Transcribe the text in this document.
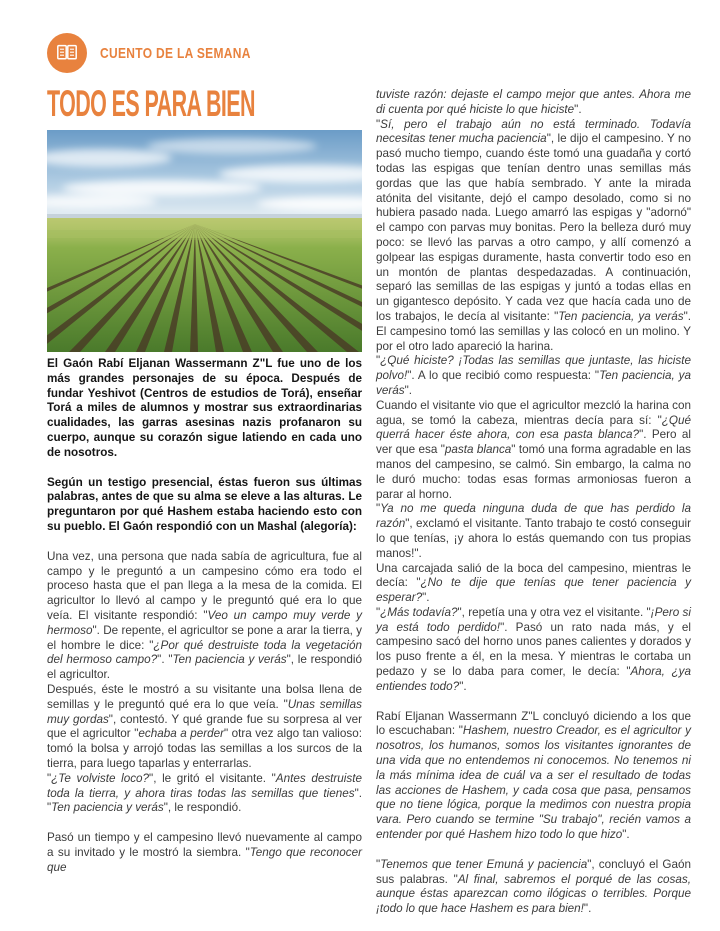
CUENTO DE LA SEMANA
TODO ES PARA BIEN

El Gaón Rabí Eljanan Wassermann Z"L fue uno de los más grandes personajes de su época. Después de fundar Yeshivot (Centros de estudios de Torá), enseñar Torá a miles de alumnos y mostrar sus extraordinarias cualidades, las garras asesinas nazis profanaron su cuerpo, aunque su corazón sigue latiendo en cada uno de nosotros.

Según un testigo presencial, éstas fueron sus últimas palabras, antes de que su alma se eleve a las alturas. Le preguntaron por qué Hashem estaba haciendo esto con su pueblo. El Gaón respondió con un Mashal (alegoría):

Una vez, una persona que nada sabía de agricultura, fue al campo y le preguntó a un campesino cómo era todo el proceso hasta que el pan llega a la mesa de la comida. El agricultor lo llevó al campo y le preguntó qué era lo que veía. El visitante respondió: "Veo un campo muy verde y hermoso". De repente, el agricultor se pone a arar la tierra, y el hombre le dice: "¿Por qué destruiste toda la vegetación del hermoso campo?". "Ten paciencia y verás", le respondió el agricultor.

Después, éste le mostró a su visitante una bolsa llena de semillas y le preguntó qué era lo que veía. "Unas semillas muy gordas", contestó. Y qué grande fue su sorpresa al ver que el agricultor "echaba a perder" otra vez algo tan valioso: tomó la bolsa y arrojó todas las semillas a los surcos de la tierra, para luego taparlas y enterrarlas.

"¿Te volviste loco?", le gritó el visitante. "Antes destruiste toda la tierra, y ahora tiras todas las semillas que tienes". "Ten paciencia y verás", le respondió.

Pasó un tiempo y el campesino llevó nuevamente al campo a su invitado y le mostró la siembra. "Tengo que reconocer que

tuviste razón: dejaste el campo mejor que antes. Ahora me di cuenta por qué hiciste lo que hiciste".

"Sí, pero el trabajo aún no está terminado. Todavía necesitas tener mucha paciencia", le dijo el campesino. Y no pasó mucho tiempo, cuando éste tomó una guadaña y cortó todas las espigas que tenían dentro unas semillas más gordas que las que había sembrado. Y ante la mirada atónita del visitante, dejó el campo desolado, como si no hubiera pasado nada. Luego amarró las espigas y "adornó" el campo con parvas muy bonitas. Pero la belleza duró muy poco: se llevó las parvas a otro campo, y allí comenzó a golpear las espigas duramente, hasta convertir todo eso en un montón de plantas despedazadas. A continuación, separó las semillas de las espigas y juntó a todas ellas en un gigantesco depósito. Y cada vez que hacía cada uno de los trabajos, le decía al visitante: "Ten paciencia, ya verás". El campesino tomó las semillas y las colocó en un molino. Y por el otro lado apareció la harina.

"¿Qué hiciste? ¡Todas las semillas que juntaste, las hiciste polvo!". A lo que recibió como respuesta: "Ten paciencia, ya verás".

Cuando el visitante vio que el agricultor mezcló la harina con agua, se tomó la cabeza, mientras decía para sí: "¿Qué querrá hacer éste ahora, con esa pasta blanca?". Pero al ver que esa "pasta blanca" tomó una forma agradable en las manos del campesino, se calmó. Sin embargo, la calma no le duró mucho: todas esas formas armoniosas fueron a parar al horno.

"Ya no me queda ninguna duda de que has perdido la razón", exclamó el visitante. Tanto trabajo te costó conseguir lo que tenías, ¡y ahora lo estás quemando con tus propias manos!".

Una carcajada salió de la boca del campesino, mientras le decía: "¿No te dije que tenías que tener paciencia y esperar?".

"¿Más todavía?", repetía una y otra vez el visitante. "¡Pero si ya está todo perdido!". Pasó un rato nada más, y el campesino sacó del horno unos panes calientes y dorados y los puso frente a él, en la mesa. Y mientras le cortaba un pedazo y se lo daba para comer, le decía: "Ahora, ¿ya entiendes todo?".

Rabí Eljanan Wassermann Z"L concluyó diciendo a los que lo escuchaban: "Hashem, nuestro Creador, es el agricultor y nosotros, los humanos, somos los visitantes ignorantes de una vida que no entendemos ni conocemos. No tenemos ni la más mínima idea de cuál va a ser el resultado de todas las acciones de Hashem, y cada cosa que pasa, pensamos que no tiene lógica, porque la medimos con nuestra propia vara. Pero cuando se termine "Su trabajo", recién vamos a entender por qué Hashem hizo todo lo que hizo".

"Tenemos que tener Emuná y paciencia", concluyó el Gaón sus palabras. "Al final, sabremos el porqué de las cosas, aunque éstas aparezcan como ilógicas o terribles. Porque ¡todo lo que hace Hashem es para bien!".
